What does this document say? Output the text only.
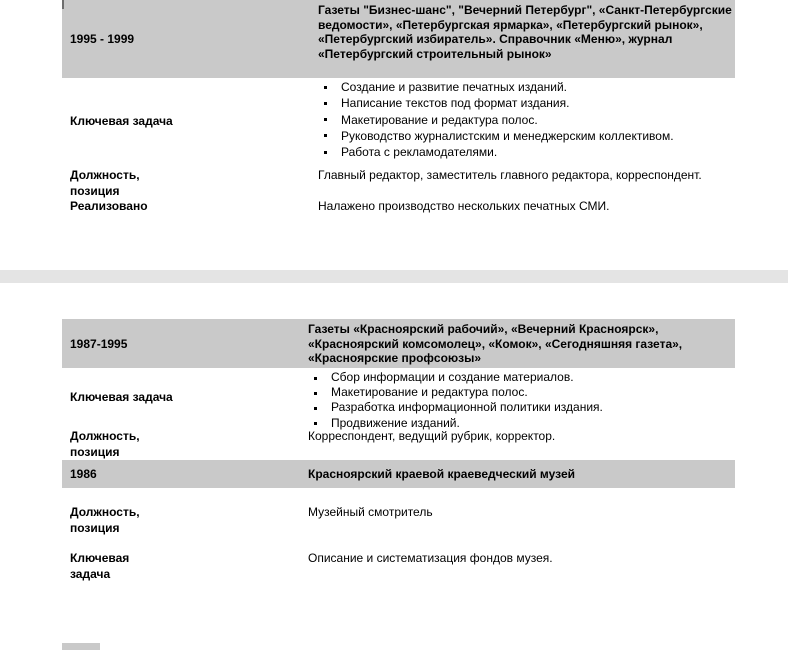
1995 - 1999
Газеты "Бизнес-шанс", "Вечерний Петербург", «Санкт-Петербургские ведомости», «Петербургская ярмарка», «Петербургский рынок», «Петербургский избиратель». Справочник «Меню», журнал «Петербургский строительный рынок»
Создание и развитие печатных изданий.
Написание текстов под формат издания.
Макетирование и редактура полос.
Руководство журналистским и менеджерским коллективом.
Работа с рекламодателями.
Ключевая задача
Должность, позиция
Реализовано
Главный редактор, заместитель главного редактора, корреспондент.
Налажено производство нескольких печатных СМИ.
1987-1995
Газеты «Красноярский рабочий», «Вечерний Красноярск», «Красноярский комсомолец», «Комок», «Сегодняшняя газета», «Красноярские профсоюзы»
Сбор информации и создание материалов.
Макетирование и редактура полос.
Разработка информационной политики издания.
Продвижение изданий.
Ключевая задача
Должность, позиция
Корреспондент, ведущий рубрик, корректор.
1986	Красноярский краевой краеведческий музей
Должность, позиция
Музейный смотритель
Ключевая задача
Описание и систематизация фондов музея.
